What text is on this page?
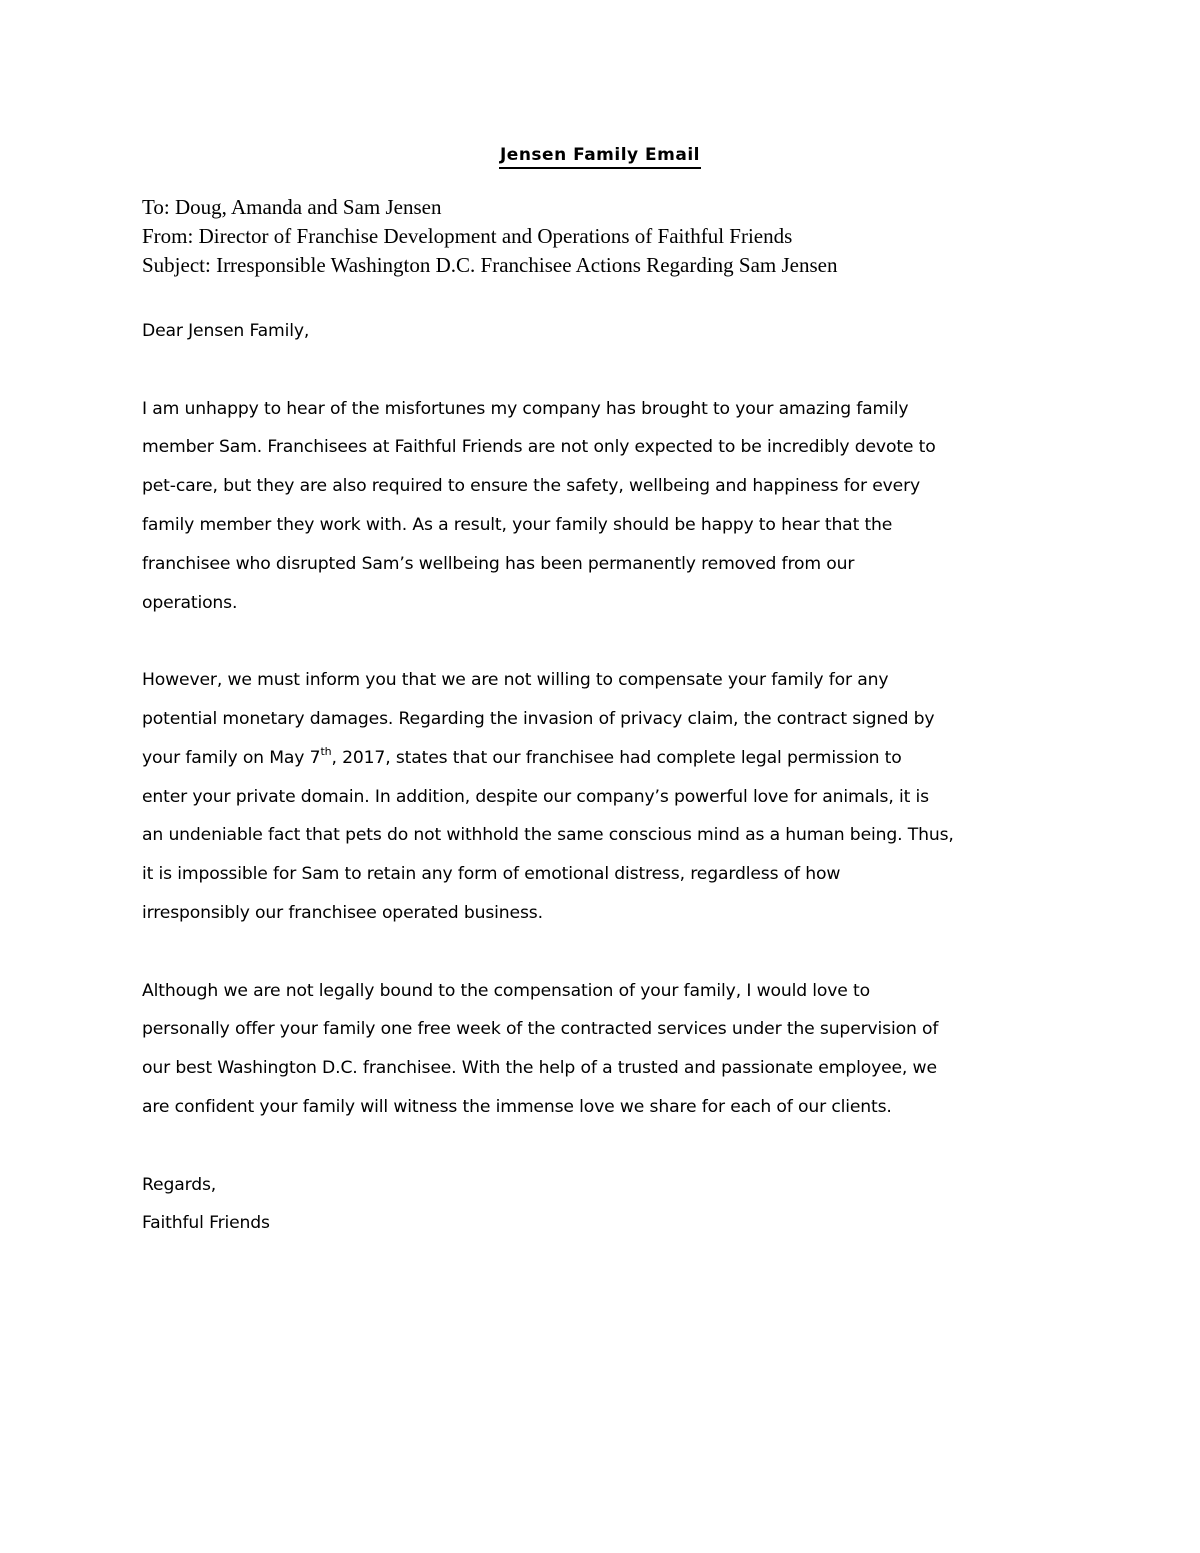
Jensen Family Email
To: Doug, Amanda and Sam Jensen
From: Director of Franchise Development and Operations of Faithful Friends
Subject: Irresponsible Washington D.C. Franchisee Actions Regarding Sam Jensen
Dear Jensen Family,
I am unhappy to hear of the misfortunes my company has brought to your amazing family
member Sam. Franchisees at Faithful Friends are not only expected to be incredibly devote to
pet-care, but they are also required to ensure the safety, wellbeing and happiness for every
family member they work with. As a result, your family should be happy to hear that the
franchisee who disrupted Sam’s wellbeing has been permanently removed from our
operations.
However, we must inform you that we are not willing to compensate your family for any
potential monetary damages. Regarding the invasion of privacy claim, the contract signed by
your family on May 7th, 2017, states that our franchisee had complete legal permission to
enter your private domain. In addition, despite our company’s powerful love for animals, it is
an undeniable fact that pets do not withhold the same conscious mind as a human being. Thus,
it is impossible for Sam to retain any form of emotional distress, regardless of how
irresponsibly our franchisee operated business.
Although we are not legally bound to the compensation of your family, I would love to
personally offer your family one free week of the contracted services under the supervision of
our best Washington D.C. franchisee. With the help of a trusted and passionate employee, we
are confident your family will witness the immense love we share for each of our clients.
Regards,
Faithful Friends
